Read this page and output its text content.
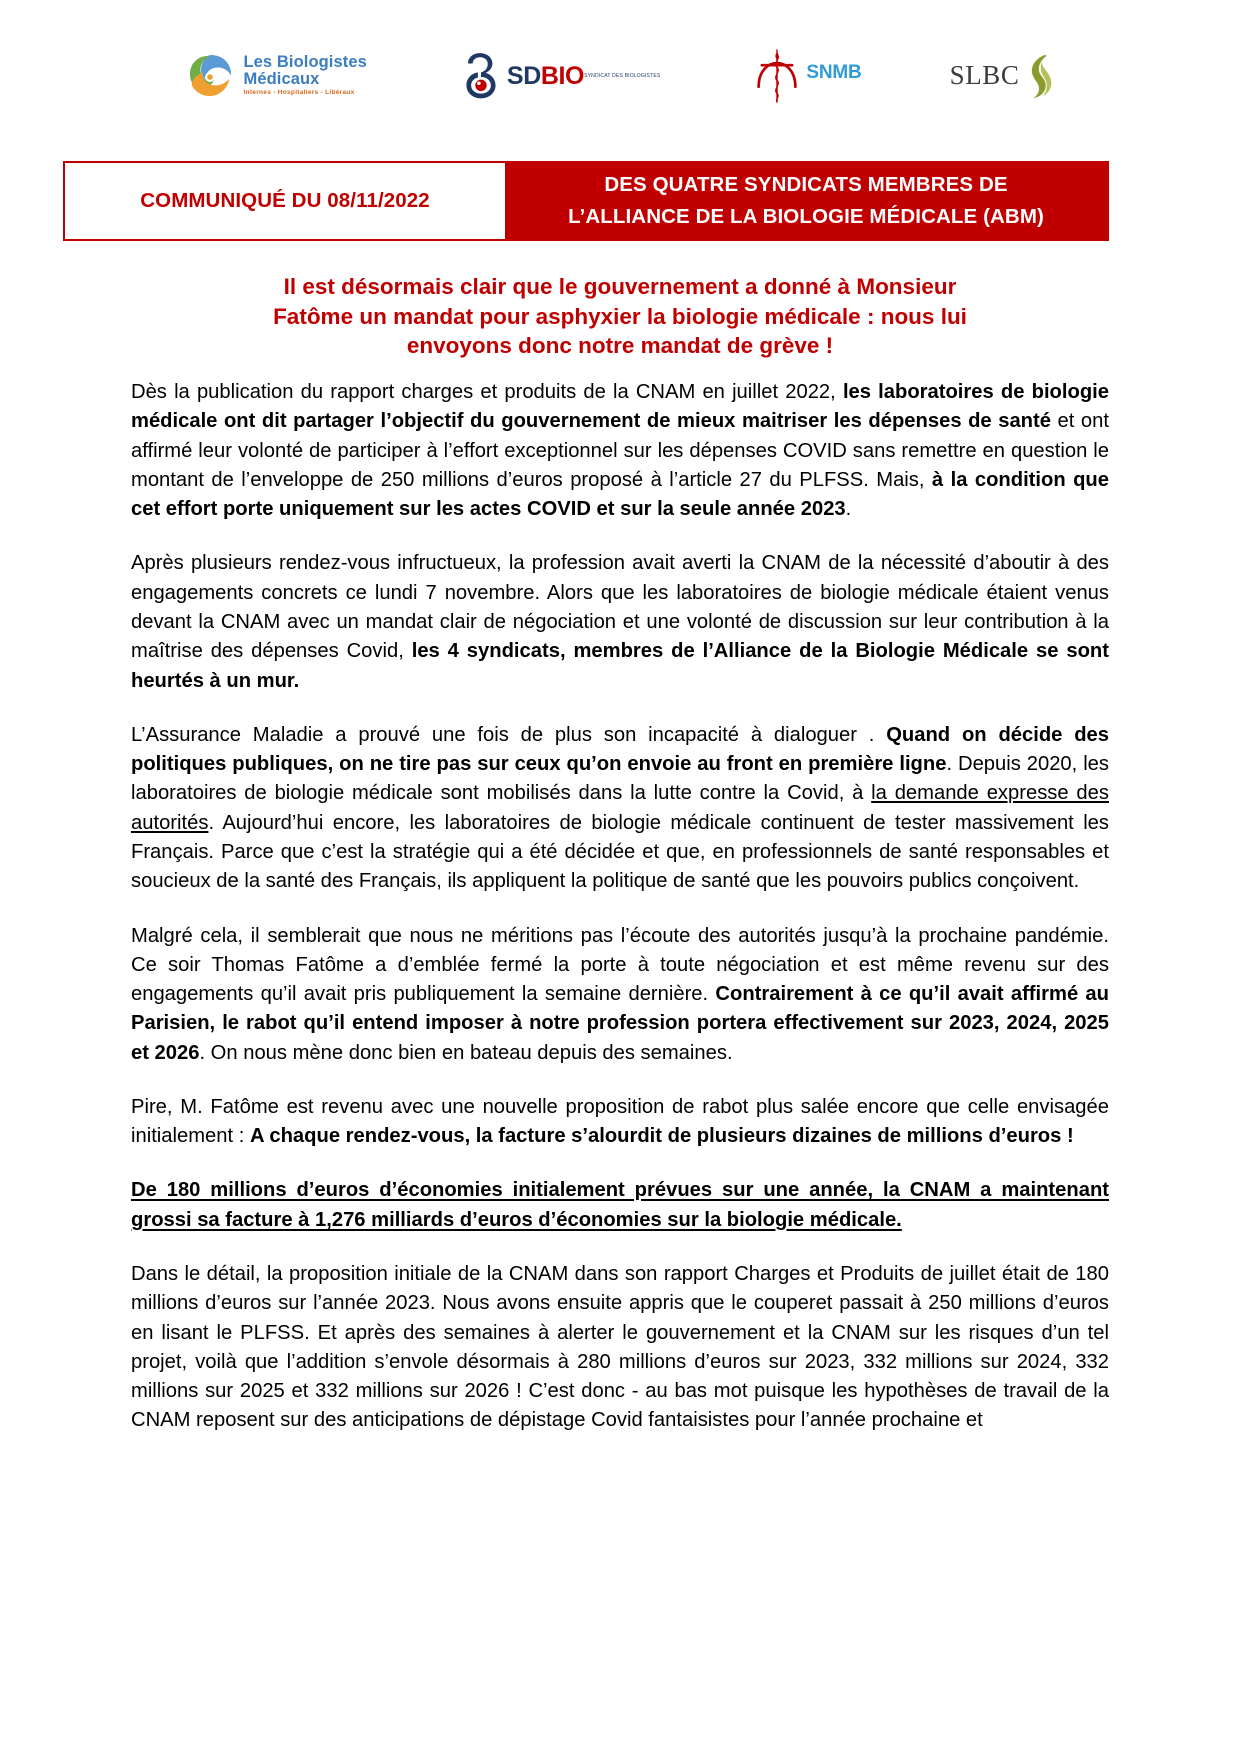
Les Biologistes
Médicaux
Internes - Hospitaliers - Libéraux
SDBIO SYNDICAT DES BIOLOGISTES	SNMB	SLBC
COMMUNIQUÉ DU 08/11/2022
DES QUATRE SYNDICATS MEMBRES DE
L’ALLIANCE DE LA BIOLOGIE MÉDICALE (ABM)
Il est désormais clair que le gouvernement a donné à Monsieur
Fatôme un mandat pour asphyxier la biologie médicale : nous lui
envoyons donc notre mandat de grève !

Dès la publication du rapport charges et produits de la CNAM en juillet 2022, les laboratoires de biologie médicale ont dit partager l’objectif du gouvernement de mieux maitriser les dépenses de santé et ont affirmé leur volonté de participer à l’effort exceptionnel sur les dépenses COVID sans remettre en question le montant de l’enveloppe de 250 millions d’euros proposé à l’article 27 du PLFSS. Mais, à la condition que cet effort porte uniquement sur les actes COVID et sur la seule année 2023.

Après plusieurs rendez-vous infructueux, la profession avait averti la CNAM de la nécessité d’aboutir à des engagements concrets ce lundi 7 novembre. Alors que les laboratoires de biologie médicale étaient venus devant la CNAM avec un mandat clair de négociation et une volonté de discussion sur leur contribution à la maîtrise des dépenses Covid, les 4 syndicats, membres de l’Alliance de la Biologie Médicale se sont heurtés à un mur.

L’Assurance Maladie a prouvé une fois de plus son incapacité à dialoguer . Quand on décide des politiques publiques, on ne tire pas sur ceux qu’on envoie au front en première ligne. Depuis 2020, les laboratoires de biologie médicale sont mobilisés dans la lutte contre la Covid, à la demande expresse des autorités. Aujourd’hui encore, les laboratoires de biologie médicale continuent de tester massivement les Français. Parce que c’est la stratégie qui a été décidée et que, en professionnels de santé responsables et soucieux de la santé des Français, ils appliquent la politique de santé que les pouvoirs publics conçoivent.

Malgré cela, il semblerait que nous ne méritions pas l’écoute des autorités jusqu’à la prochaine pandémie. Ce soir Thomas Fatôme a d’emblée fermé la porte à toute négociation et est même revenu sur des engagements qu’il avait pris publiquement la semaine dernière. Contrairement à ce qu’il avait affirmé au Parisien, le rabot qu’il entend imposer à notre profession portera effectivement sur 2023, 2024, 2025 et 2026. On nous mène donc bien en bateau depuis des semaines.

Pire, M. Fatôme est revenu avec une nouvelle proposition de rabot plus salée encore que celle envisagée initialement : A chaque rendez-vous, la facture s’alourdit de plusieurs dizaines de millions d’euros !

De 180 millions d’euros d’économies initialement prévues sur une année, la CNAM a maintenant grossi sa facture à 1,276 milliards d’euros d’économies sur la biologie médicale.

Dans le détail, la proposition initiale de la CNAM dans son rapport Charges et Produits de juillet était de 180 millions d’euros sur l’année 2023. Nous avons ensuite appris que le couperet passait à 250 millions d’euros en lisant le PLFSS. Et après des semaines à alerter le gouvernement et la CNAM sur les risques d’un tel projet, voilà que l’addition s’envole désormais à 280 millions d’euros sur 2023, 332 millions sur 2024, 332 millions sur 2025 et 332 millions sur 2026 ! C’est donc - au bas mot puisque les hypothèses de travail de la CNAM reposent sur des anticipations de dépistage Covid fantaisistes pour l’année prochaine et
